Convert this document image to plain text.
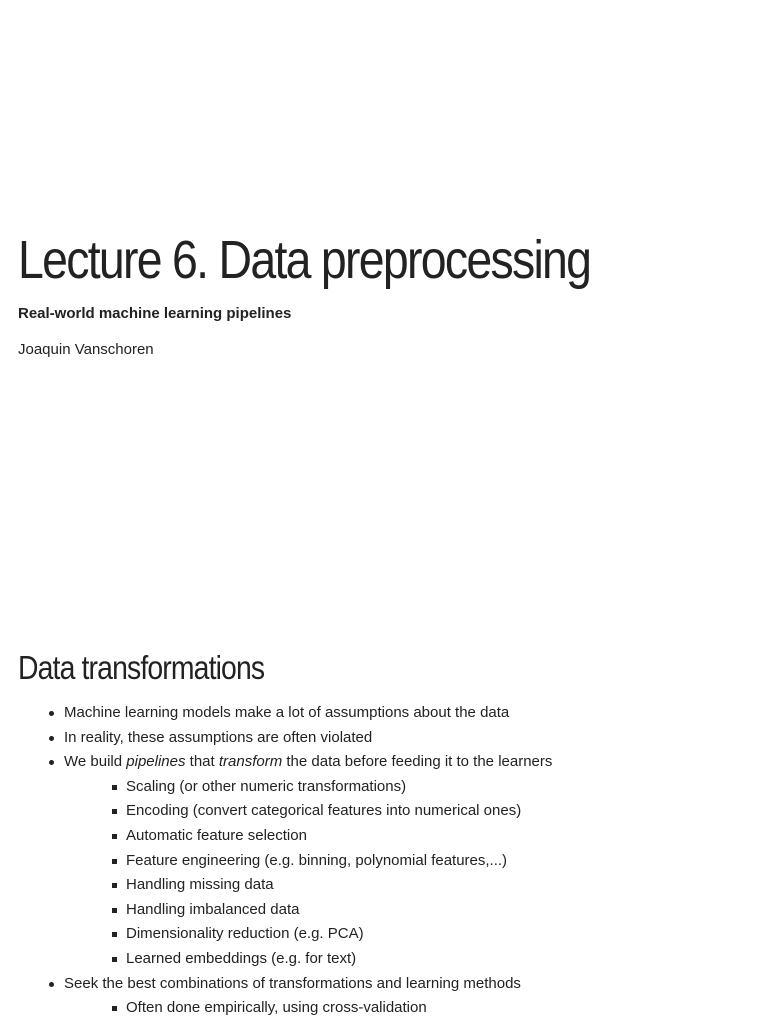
Lecture 6. Data preprocessing

Real-world machine learning pipelines

Joaquin Vanschoren

Data transformations
Machine learning models make a lot of assumptions about the data
In reality, these assumptions are often violated
We build pipelines that transform the data before feeding it to the learners
Scaling (or other numeric transformations)
Encoding (convert categorical features into numerical ones)
Automatic feature selection
Feature engineering (e.g. binning, polynomial features,...)
Handling missing data
Handling imbalanced data
Dimensionality reduction (e.g. PCA)
Learned embeddings (e.g. for text)
Seek the best combinations of transformations and learning methods
Often done empirically, using cross-validation
